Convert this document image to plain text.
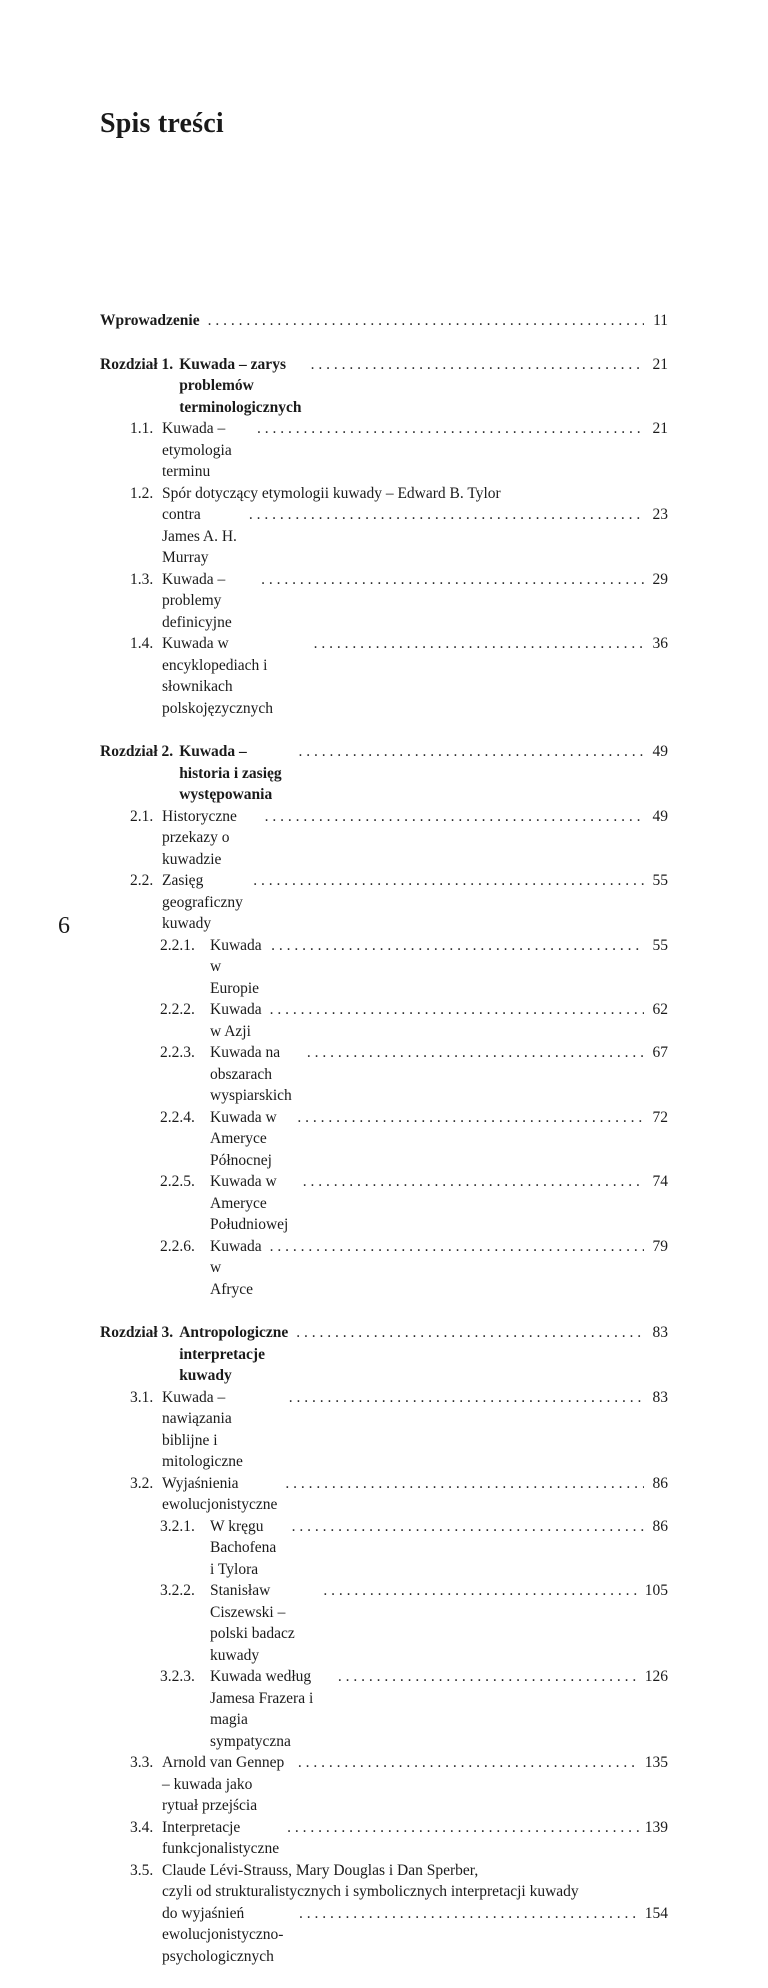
Spis treści
Wprowadzenie
. . .	11
Rozdział 1. Kuwada – zarys problemów terminologicznych
. . .
21
1.1. Kuwada – etymologia terminu
. . .
21
1.2. Spór dotyczący etymologii kuwady – Edward B. Tylor
contra James A. H. Murray
. . .
23
1.3. Kuwada – problemy definicyjne
. . .
29
1.4. Kuwada w encyklopediach i słownikach polskojęzycznych
. . .
36
Rozdział 2. Kuwada – historia i zasięg występowania
. . .
49
2.1. Historyczne przekazy o kuwadzie
. . .
49
2.2. Zasięg geograficzny kuwady
. . .
55
2.2.1. Kuwada w Europie
. . .
55
2.2.2. Kuwada w Azji
. . .
62
2.2.3. Kuwada na obszarach wyspiarskich
. . .
67
2.2.4. Kuwada w Ameryce Północnej
. . .
72
2.2.5. Kuwada w Ameryce Południowej
. . .
74
2.2.6. Kuwada w Afryce
. . .
79
Rozdział 3. Antropologiczne interpretacje kuwady
. . .
83
3.1. Kuwada – nawiązania biblijne i mitologiczne
. . .
83
3.2. Wyjaśnienia ewolucjonistyczne
. . .
86
3.2.1. W kręgu Bachofena i Tylora
. . .
86
3.2.2. Stanisław Ciszewski – polski badacz kuwady
. . .
105
3.2.3. Kuwada według Jamesa Frazera i magia sympatyczna
. . .
126
3.3. Arnold van Gennep – kuwada jako rytuał przejścia
. . .
135
3.4. Interpretacje funkcjonalistyczne
. . .
139
3.5. Claude Lévi-Strauss, Mary Douglas i Dan Sperber,
czyli od strukturalistycznych i symbolicznych interpretacji kuwady
do wyjaśnień ewolucjonistyczno-psychologicznych
. . .
154
6
